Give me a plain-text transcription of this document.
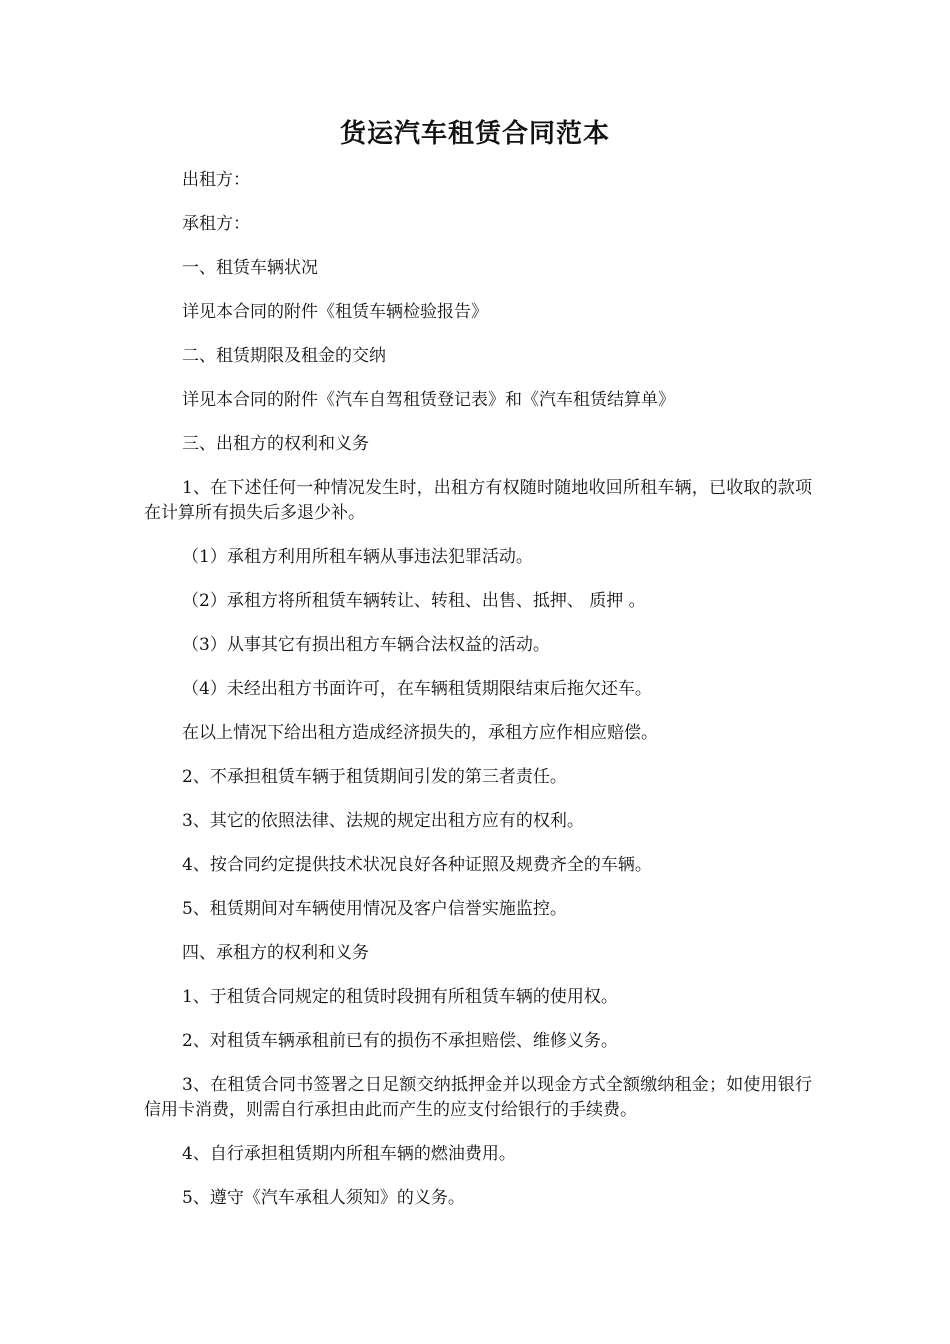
货运汽车租赁合同范本

出租方：

承租方：

一、租赁车辆状况

详见本合同的附件《租赁车辆检验报告》

二、租赁期限及租金的交纳

详见本合同的附件《汽车自驾租赁登记表》和《汽车租赁结算单》

三、出租方的权利和义务

1、在下述任何一种情况发生时，出租方有权随时随地收回所租车辆，已收取的款项在计算所有损失后多退少补。

（1）承租方利用所租车辆从事违法犯罪活动。

（2）承租方将所租赁车辆转让、转租、出售、抵押、 质押 。

（3）从事其它有损出租方车辆合法权益的活动。

（4）未经出租方书面许可，在车辆租赁期限结束后拖欠还车。

在以上情况下给出租方造成经济损失的，承租方应作相应赔偿。

2、不承担租赁车辆于租赁期间引发的第三者责任。

3、其它的依照法律、法规的规定出租方应有的权利。

4、按合同约定提供技术状况良好各种证照及规费齐全的车辆。

5、租赁期间对车辆使用情况及客户信誉实施监控。

四、承租方的权利和义务

1、于租赁合同规定的租赁时段拥有所租赁车辆的使用权。

2、对租赁车辆承租前已有的损伤不承担赔偿、维修义务。

3、在租赁合同书签署之日足额交纳抵押金并以现金方式全额缴纳租金；如使用银行信用卡消费，则需自行承担由此而产生的应支付给银行的手续费。

4、自行承担租赁期内所租车辆的燃油费用。

5、遵守《汽车承租人须知》的义务。
